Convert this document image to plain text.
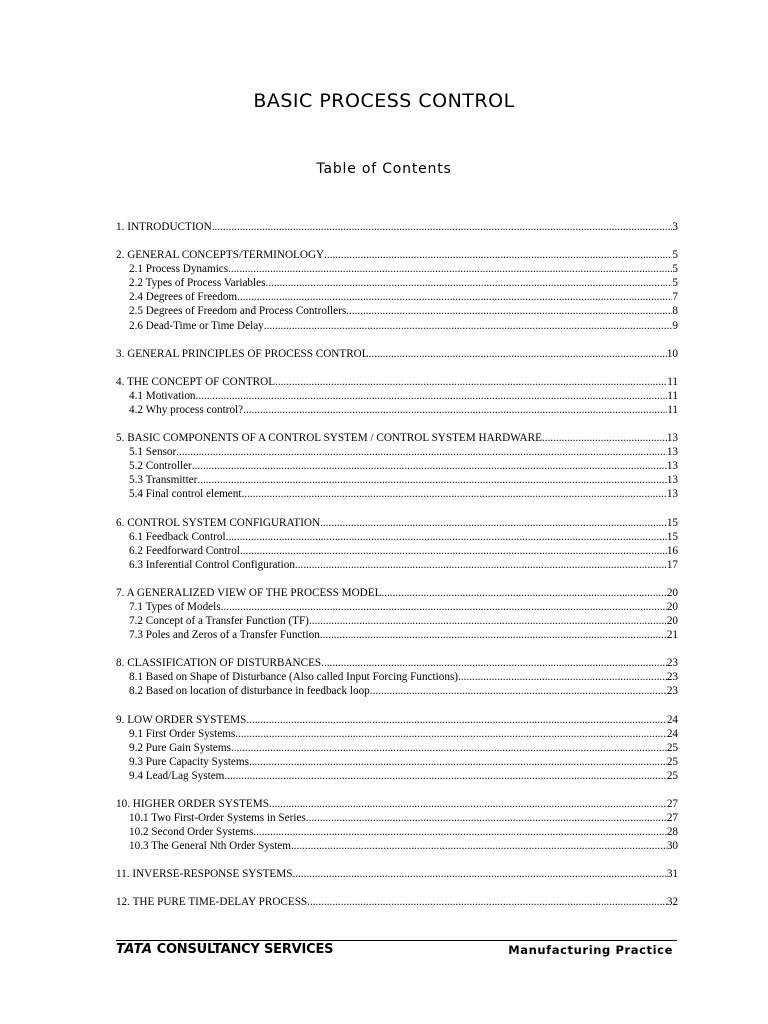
BASIC PROCESS CONTROL
Table of Contents
1. INTRODUCTION .....	3
2. GENERAL CONCEPTS/TERMINOLOGY .....	5
2.1 Process Dynamics .....	5
2.2 Types of Process Variables .....	5
2.4 Degrees of Freedom .....	7
2.5 Degrees of Freedom and Process Controllers .....	8
2.6 Dead-Time or Time Delay .....	9
3. GENERAL PRINCIPLES OF PROCESS CONTROL .....	10
4. THE CONCEPT OF CONTROL .....	11
4.1 Motivation .....	11
4.2 Why process control? .....	11
5. BASIC COMPONENTS OF A CONTROL SYSTEM / CONTROL SYSTEM HARDWARE .....	13
5.1 Sensor .....	13
5.2 Controller .....	13
5.3 Transmitter .....	13
5.4 Final control element .....	13
6. CONTROL SYSTEM CONFIGURATION .....	15
6.1 Feedback Control .....	15
6.2 Feedforward Control .....	16
6.3 Inferential Control Configuration .....	17
7. A GENERALIZED VIEW OF THE PROCESS MODEL .....	20
7.1 Types of Models .....	20
7.2 Concept of a Transfer Function (TF) .....	20
7.3 Poles and Zeros of a Transfer Function .....	21
8. CLASSIFICATION OF DISTURBANCES .....	23
8.1 Based on Shape of Disturbance (Also called Input Forcing Functions) .....	23
8.2 Based on location of disturbance in feedback loop .....	23
9. LOW ORDER SYSTEMS .....	24
9.1 First Order Systems .....	24
9.2 Pure Gain Systems .....	25
9.3 Pure Capacity Systems .....	25
9.4 Lead/Lag System .....	25
10. HIGHER ORDER SYSTEMS .....	27
10.1 Two First-Order Systems in Series .....	27
10.2 Second Order Systems .....	28
10.3 The General Nth Order System .....	30
11. INVERSE-RESPONSE SYSTEMS .....	31
12. THE PURE TIME-DELAY PROCESS .....	32
TATA CONSULTANCY SERVICES	Manufacturing Practice
